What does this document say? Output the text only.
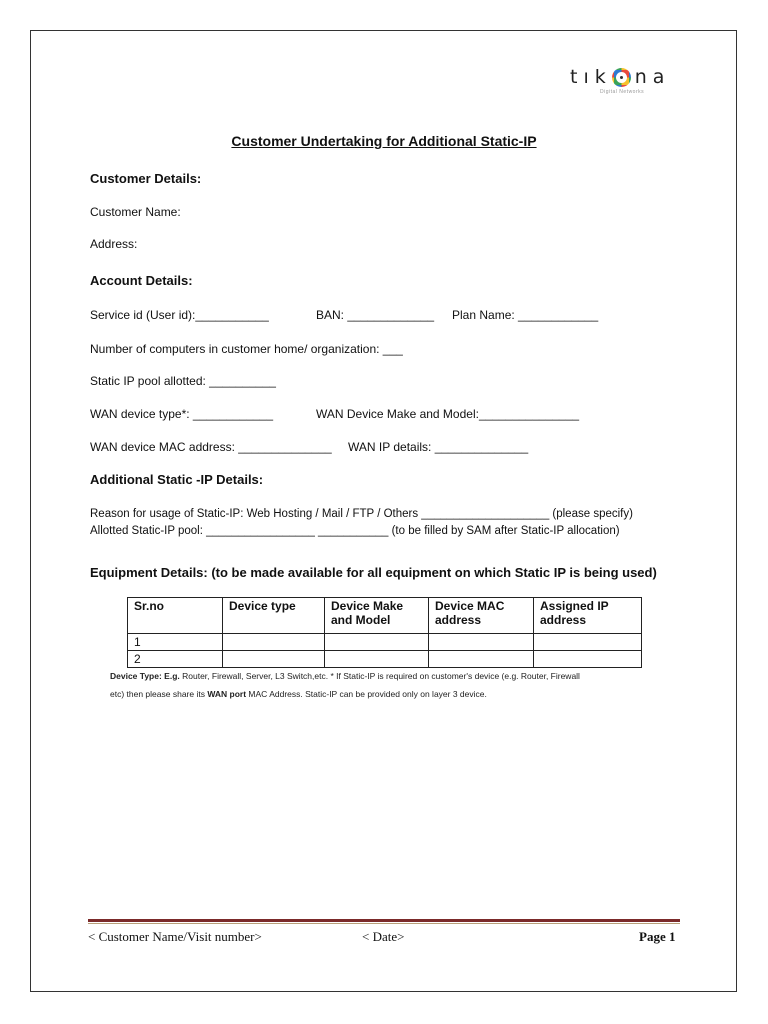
tık na
Digital Networks
Customer Undertaking for Additional Static-IP
Customer Details:
Customer Name:
Address:
Account Details:
Service id (User id):___________	BAN: _____________ Plan Name: ____________
Number of computers in customer home/ organization: ___
Static IP pool allotted: __________
WAN device type*: ____________	WAN Device Make and Model:_______________
WAN device MAC address: ______________ WAN IP details: ______________
Additional Static -IP Details:
Reason for usage of Static-IP: Web Hosting / Mail / FTP / Others ____________________ (please specify)
Allotted Static-IP pool: _________________ ___________ (to be filled by SAM after Static-IP allocation)
Equipment Details: (to be made available for all equipment on which Static IP is being used)
Sr.no	Device type	Device Make and Model	Device MAC address	Assigned IP address
1				
2				
Device Type: E.g. Router, Firewall, Server, L3 Switch,etc. * If Static-IP is required on customer's device (e.g. Router, Firewall
etc) then please share its WAN port MAC Address. Static-IP can be provided only on layer 3 device.
< Customer Name/Visit number>	< Date>	Page 1
